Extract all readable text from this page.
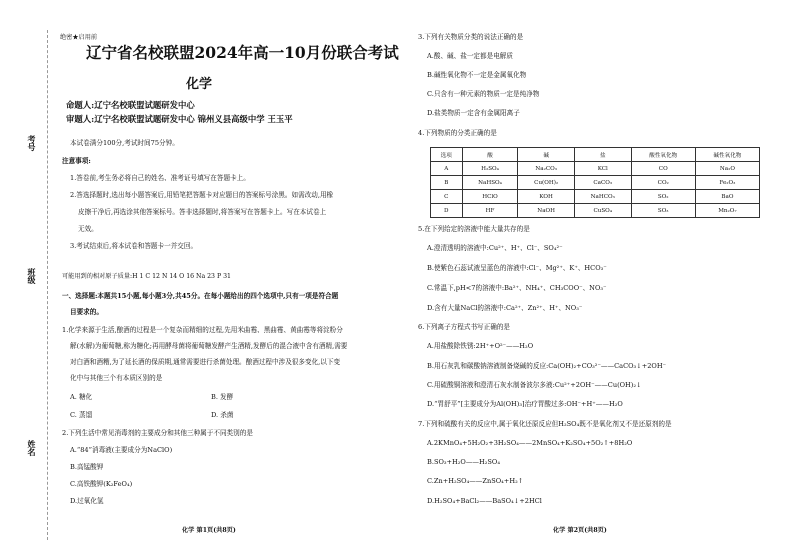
考号
班级
姓名
绝密★启用前
辽宁省名校联盟2024年高一10月份联合考试
化学
命题人:辽宁名校联盟试题研发中心
审题人:辽宁名校联盟试题研发中心 锦州义县高级中学 王玉平
本试卷满分100分,考试时间75分钟。
注意事项:
1.答卷前,考生务必将自己的姓名、准考证号填写在答题卡上。
2.答选择题时,选出每小题答案后,用铅笔把答题卡对应题目的答案标号涂黑。如需改动,用橡
皮擦干净后,再选涂其他答案标号。答非选择题时,将答案写在答题卡上。写在本试卷上
无效。
3.考试结束后,将本试卷和答题卡一并交回。
可能用到的相对原子质量:H 1 C 12 N 14 O 16 Na 23 P 31
一、选择题:本题共15小题,每小题3分,共45分。在每小题给出的四个选项中,只有一项是符合题
目要求的。
1.化学来源于生活,酿酒的过程是一个复杂而精细的过程,先用米曲霉、黑曲霉、黄曲霉等将淀粉分
解(水解)为葡萄糖,称为糖化;再用酵母菌将葡萄糖发酵产生酒精,发酵后的混合液中含有酒精,需要
对白酒和酒糟,为了延长酒的保质期,通常需要进行杀菌处理。酿酒过程中涉及很多变化,以下变
化中与其他三个有本质区别的是
A. 糖化	B. 发酵
C. 蒸馏	D. 杀菌
2.下列生活中常见消毒剂的主要成分和其他三种属于不同类别的是
A.“84”消毒液(主要成分为NaClO)
B.高锰酸钾
C.高铁酸钾(K₂FeO₄)
D.过氧化氢
化学 第1页(共8页)
3.下列有关物质分类的说法正确的是
A.酸、碱、盐一定都是电解质
B.碱性氧化物不一定是金属氧化物
C.只含有一种元素的物质一定是纯净物
D.盐类物质一定含有金属阳离子
4.下列物质的分类正确的是
选项	酸	碱	盐	酸性氧化物	碱性氧化物
A	H₂SO₄	Na₂CO₃	KCl	CO	Na₂O
B	NaHSO₄	Cu(OH)₂	CaCO₃	CO₂	Fe₂O₃
C	HClO	KOH	NaHCO₃	SO₂	BaO
D	HF	NaOH	CuSO₄	SO₃	Mn₂O₇
5.在下列给定的溶液中能大量共存的是
A.澄清透明的溶液中:Cu²⁺、H⁺、Cl⁻、SO₄²⁻
B.使紫色石蕊试液呈蓝色的溶液中:Cl⁻、Mg²⁺、K⁺、HCO₃⁻
C.常温下,pH<7的溶液中:Ba²⁺、NH₄⁺、CH₃COO⁻、NO₃⁻
D.含有大量NaCl的溶液中:Ca²⁺、Zn²⁺、H⁺、NO₃⁻
6.下列离子方程式书写正确的是
A.用盐酸除铁锈:2H⁺+O²⁻——H₂O
B.用石灰乳和碳酸钠溶液制备烧碱的反应:Ca(OH)₂+CO₃²⁻——CaCO₃↓+2OH⁻
C.用硫酸铜溶液和澄清石灰水制备波尔多液:Cu²⁺+2OH⁻——Cu(OH)₂↓
D.“胃舒平”[主要成分为Al(OH)₃]治疗胃酸过多:OH⁻+H⁺——H₂O
7.下列和硫酸有关的反应中,属于氧化还原反应但H₂SO₄既不是氧化剂又不是还原剂的是
A.2KMnO₄+5H₂O₂+3H₂SO₄——2MnSO₄+K₂SO₄+5O₂↑+8H₂O
B.SO₃+H₂O——H₂SO₄
C.Zn+H₂SO₄——ZnSO₄+H₂↑
D.H₂SO₄+BaCl₂——BaSO₄↓+2HCl
化学 第2页(共8页)
